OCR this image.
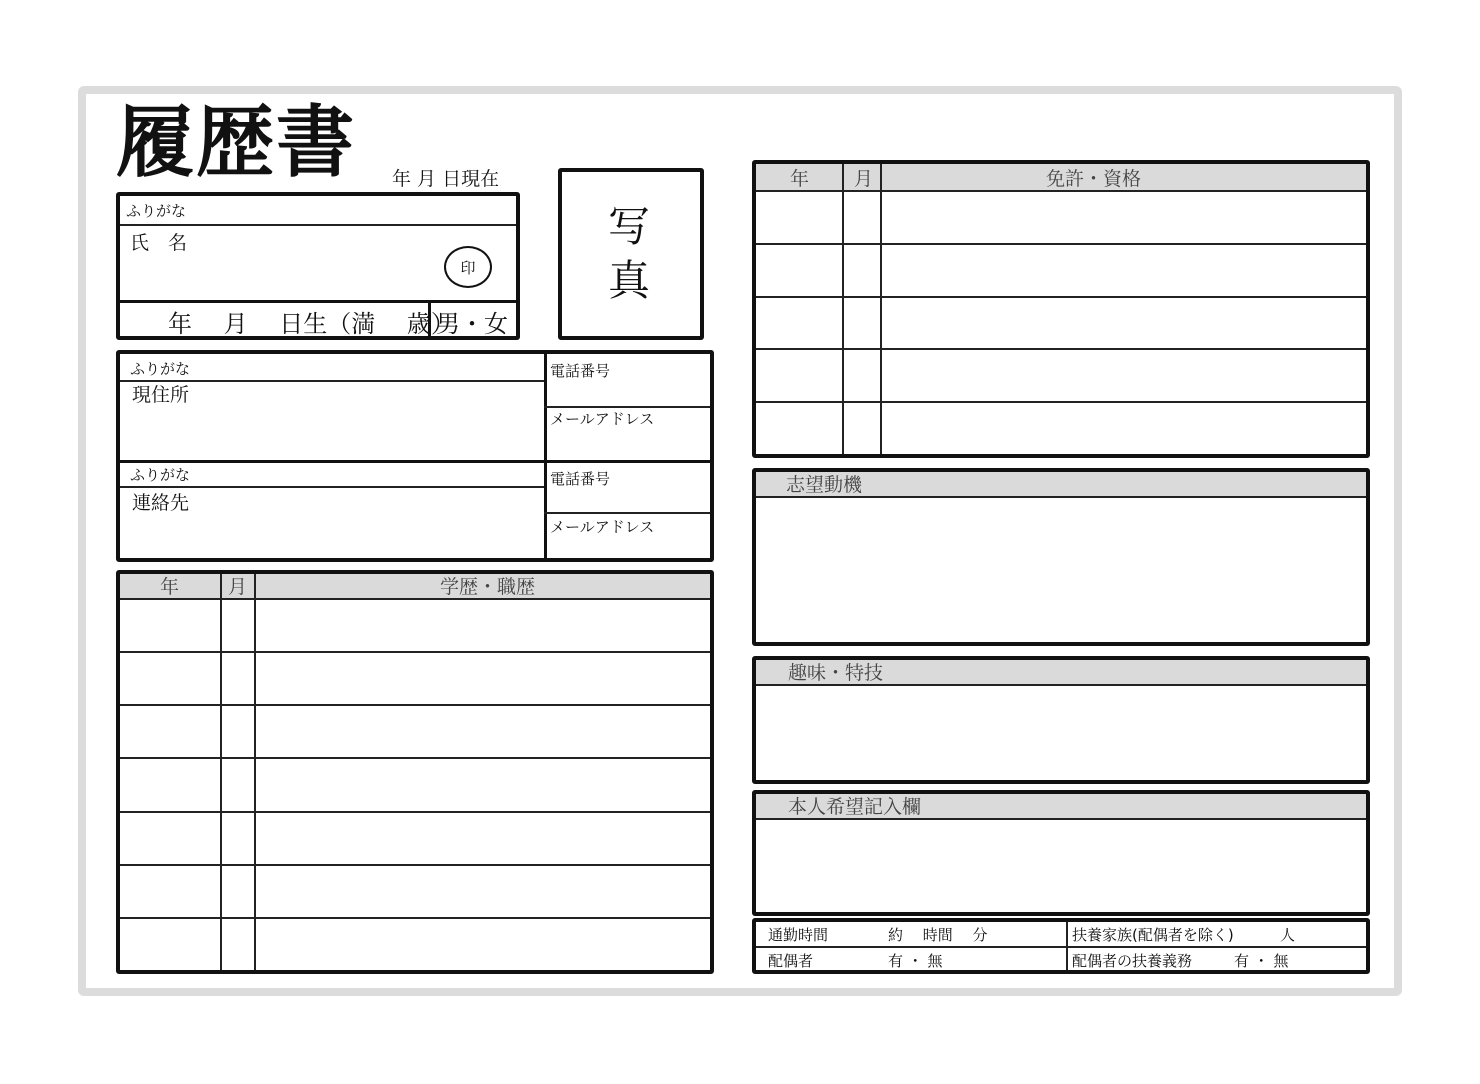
履歴書 年 月 日現在
ふりがな
氏　名
印
年　 月　 日生（満　 歳）
男・女
写
真
ふりがな
現住所
電話番号
メールアドレス
ふりがな
連絡先
電話番号
メールアドレス
年	月	学歴・職歴
年 月	免許・資格
志望動機
趣味・特技
本人希望記入欄
通勤時間	約　 時間　 分	扶養家族(配偶者を除く)	人
配偶者	有 ・ 無	配偶者の扶養義務	有 ・ 無
